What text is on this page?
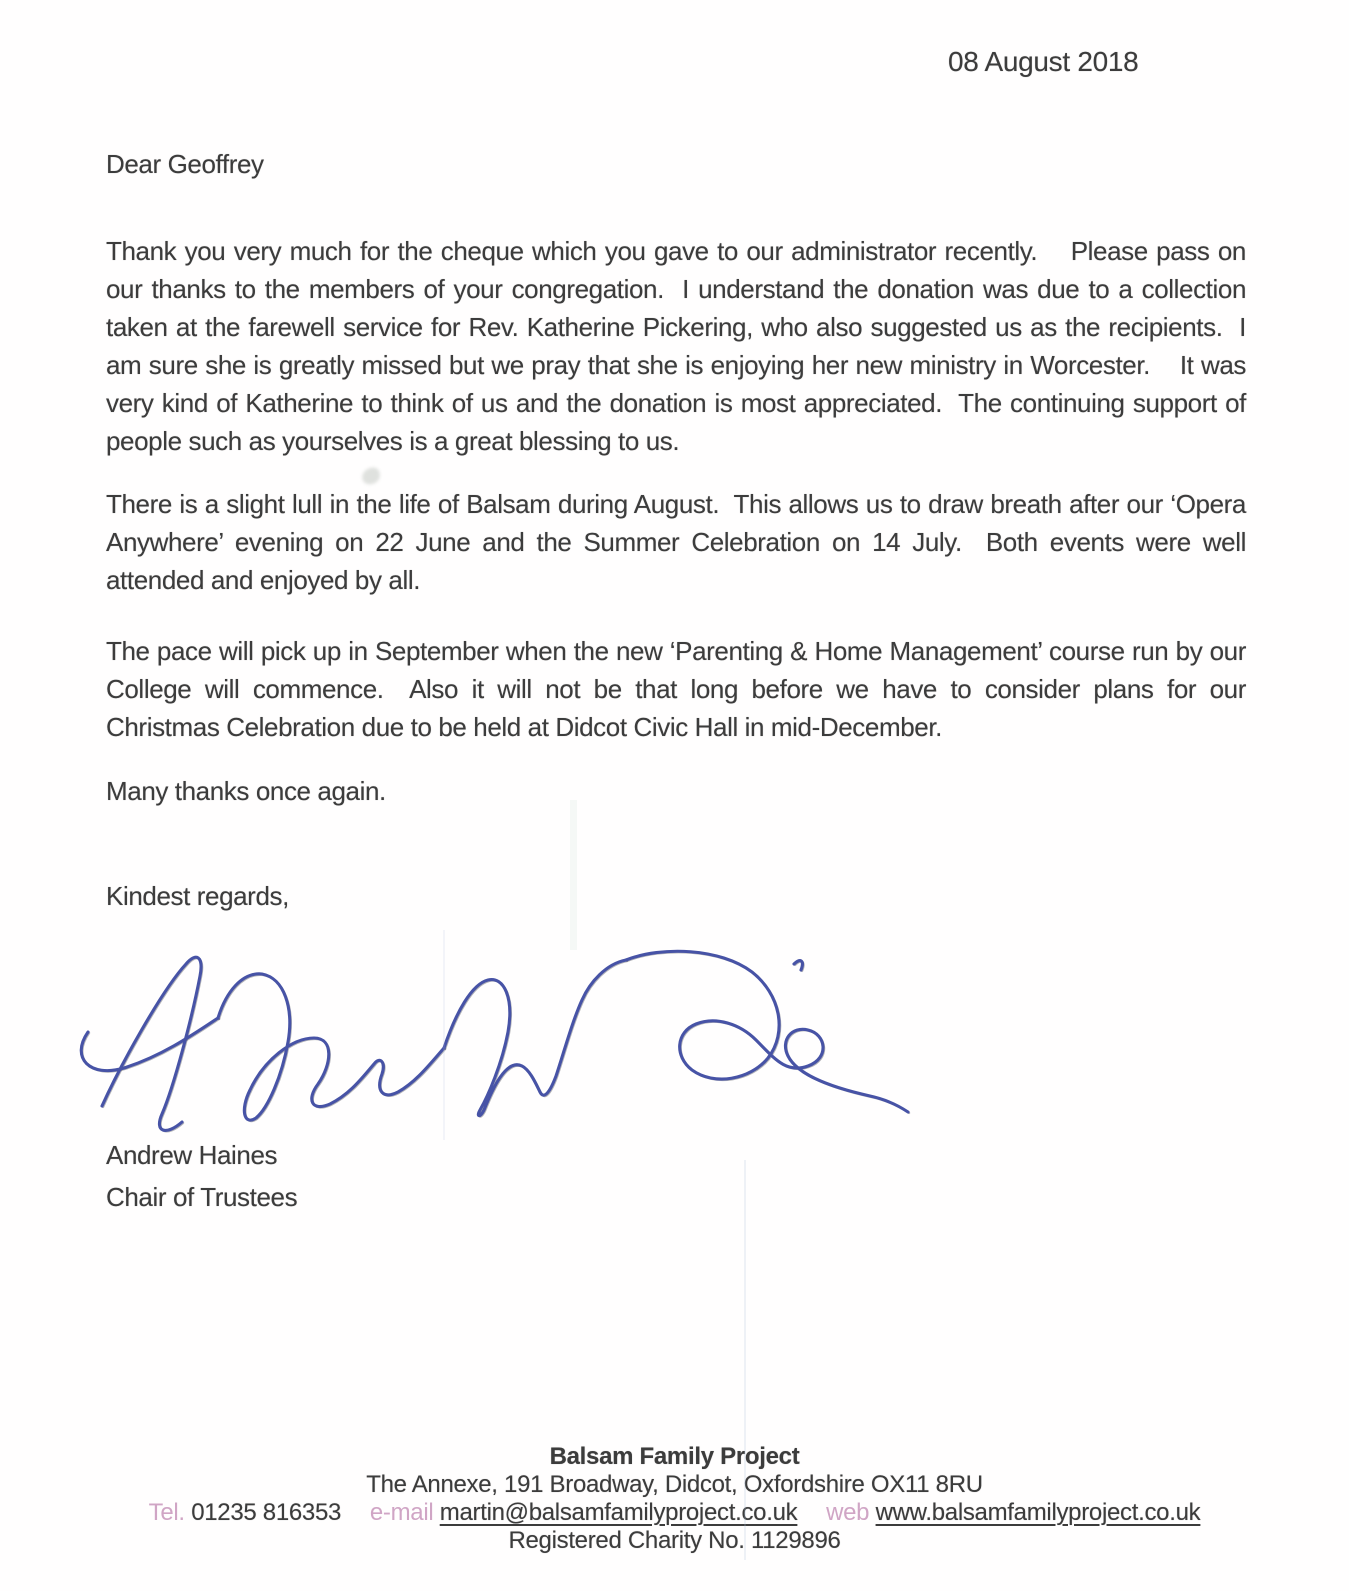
08 August 2018

Dear Geoffrey

Thank you very much for the cheque which you gave to our administrator recently.    Please pass on our thanks to the members of your congregation.  I understand the donation was due to a collection taken at the farewell service for Rev. Katherine Pickering, who also suggested us as the recipients.  I am sure she is greatly missed but we pray that she is enjoying her new ministry in Worcester.    It was very kind of Katherine to think of us and the donation is most appreciated.  The continuing support of people such as yourselves is a great blessing to us.

There is a slight lull in the life of Balsam during August.  This allows us to draw breath after our ‘Opera Anywhere’ evening on 22 June and the Summer Celebration on 14 July.  Both events were well attended and enjoyed by all.

The pace will pick up in September when the new ‘Parenting & Home Management’ course run by our College will commence.  Also it will not be that long before we have to consider plans for our Christmas Celebration due to be held at Didcot Civic Hall in mid-December.

Many thanks once again.

Kindest regards,

Andrew Haines
Chair of Trustees
Balsam Family Project
The Annexe, 191 Broadway, Didcot, Oxfordshire OX11 8RU
Tel. 01235 816353 e-mail martin@balsamfamilyproject.co.uk web www.balsamfamilyproject.co.uk
Registered Charity No. 1129896
